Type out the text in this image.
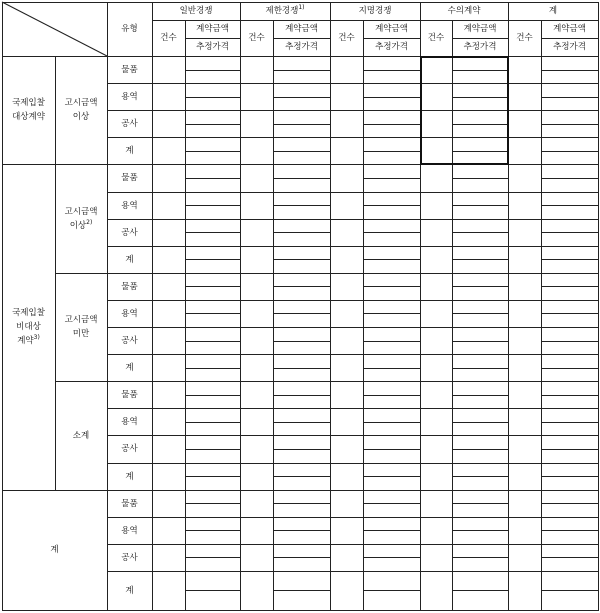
유형
일반경쟁
건수
계약금액
추정가격
제한경쟁$^{1)}$
건수
계약금액
추정가격
지명경쟁
건수
계약금액
추정가격
수의계약
건수
계약금액
추정가격
계
건수
계약금액
추정가격
국제입찰
대상계약
고시금액
이상
국제입찰
비대상
계약$^{3)}$
고시금액
이상$^{2)}$
고시금액
미만
소계
계
물품
용역
공사
계
물품
용역
공사
계
물품
용역
공사
계
물품
용역
공사
계
물품
용역
공사
계
